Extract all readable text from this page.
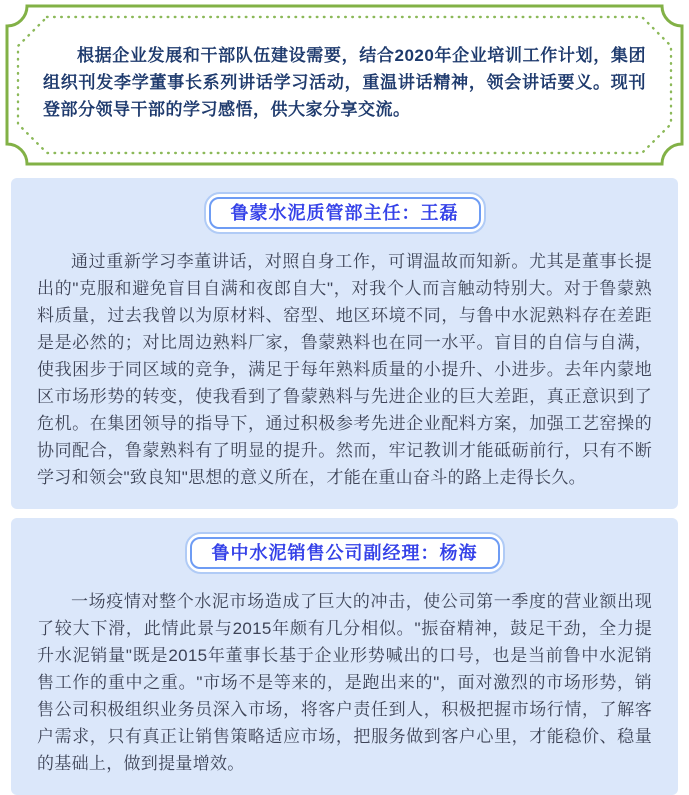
根据企业发展和干部队伍建设需要，结合2020年企业培训工作计划，集团组织刊发李学董事长系列讲话学习活动，重温讲话精神，领会讲话要义。现刊登部分领导干部的学习感悟，供大家分享交流。

鲁蒙水泥质管部主任：王磊

通过重新学习李董讲话，对照自身工作，可谓温故而知新。尤其是董事长提出的"克服和避免盲目自满和夜郎自大"，对我个人而言触动特别大。对于鲁蒙熟料质量，过去我曾以为原材料、窑型、地区环境不同，与鲁中水泥熟料存在差距是是必然的；对比周边熟料厂家，鲁蒙熟料也在同一水平。盲目的自信与自满，使我困步于同区域的竞争，满足于每年熟料质量的小提升、小进步。去年内蒙地区市场形势的转变，使我看到了鲁蒙熟料与先进企业的巨大差距，真正意识到了危机。在集团领导的指导下，通过积极参考先进企业配料方案，加强工艺窑操的协同配合，鲁蒙熟料有了明显的提升。然而，牢记教训才能砥砺前行，只有不断学习和领会"致良知"思想的意义所在，才能在重山奋斗的路上走得长久。

鲁中水泥销售公司副经理：杨海

一场疫情对整个水泥市场造成了巨大的冲击，使公司第一季度的营业额出现了较大下滑，此情此景与2015年颇有几分相似。"振奋精神，鼓足干劲，全力提升水泥销量"既是2015年董事长基于企业形势喊出的口号，也是当前鲁中水泥销售工作的重中之重。"市场不是等来的，是跑出来的"，面对激烈的市场形势，销售公司积极组织业务员深入市场，将客户责任到人，积极把握市场行情，了解客户需求，只有真正让销售策略适应市场，把服务做到客户心里，才能稳价、稳量的基础上，做到提量增效。
